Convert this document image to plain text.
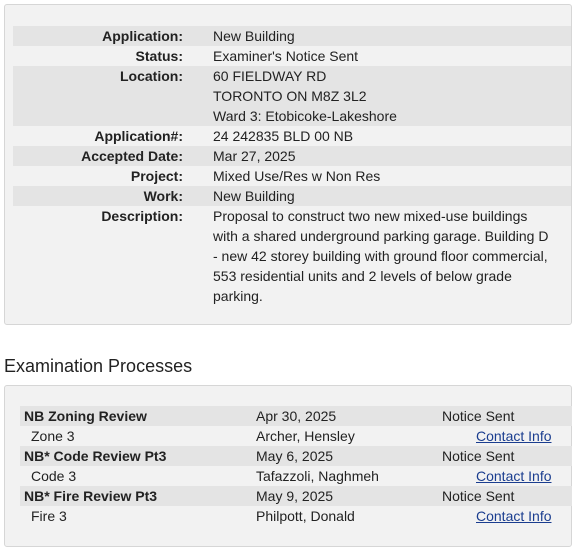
Application: New Building
Status: Examiner's Notice Sent
Location: 60 FIELDWAY RD
TORONTO ON M8Z 3L2
Ward 3: Etobicoke-Lakeshore
Application#: 24 242835 BLD 00 NB
Accepted Date: Mar 27, 2025
Project: Mixed Use/Res w Non Res
Work: New Building
Description: Proposal to construct two new mixed-use buildings
with a shared underground parking garage. Building D
- new 42 storey building with ground floor commercial,
553 residential units and 2 levels of below grade
parking.
Examination Processes
NB Zoning Review	Apr 30, 2025	Notice Sent
Zone 3	Archer, Hensley	Contact Info
NB* Code Review Pt3	May 6, 2025	Notice Sent
Code 3	Tafazzoli, Naghmeh	Contact Info
NB* Fire Review Pt3	May 9, 2025	Notice Sent
Fire 3	Philpott, Donald	Contact Info
